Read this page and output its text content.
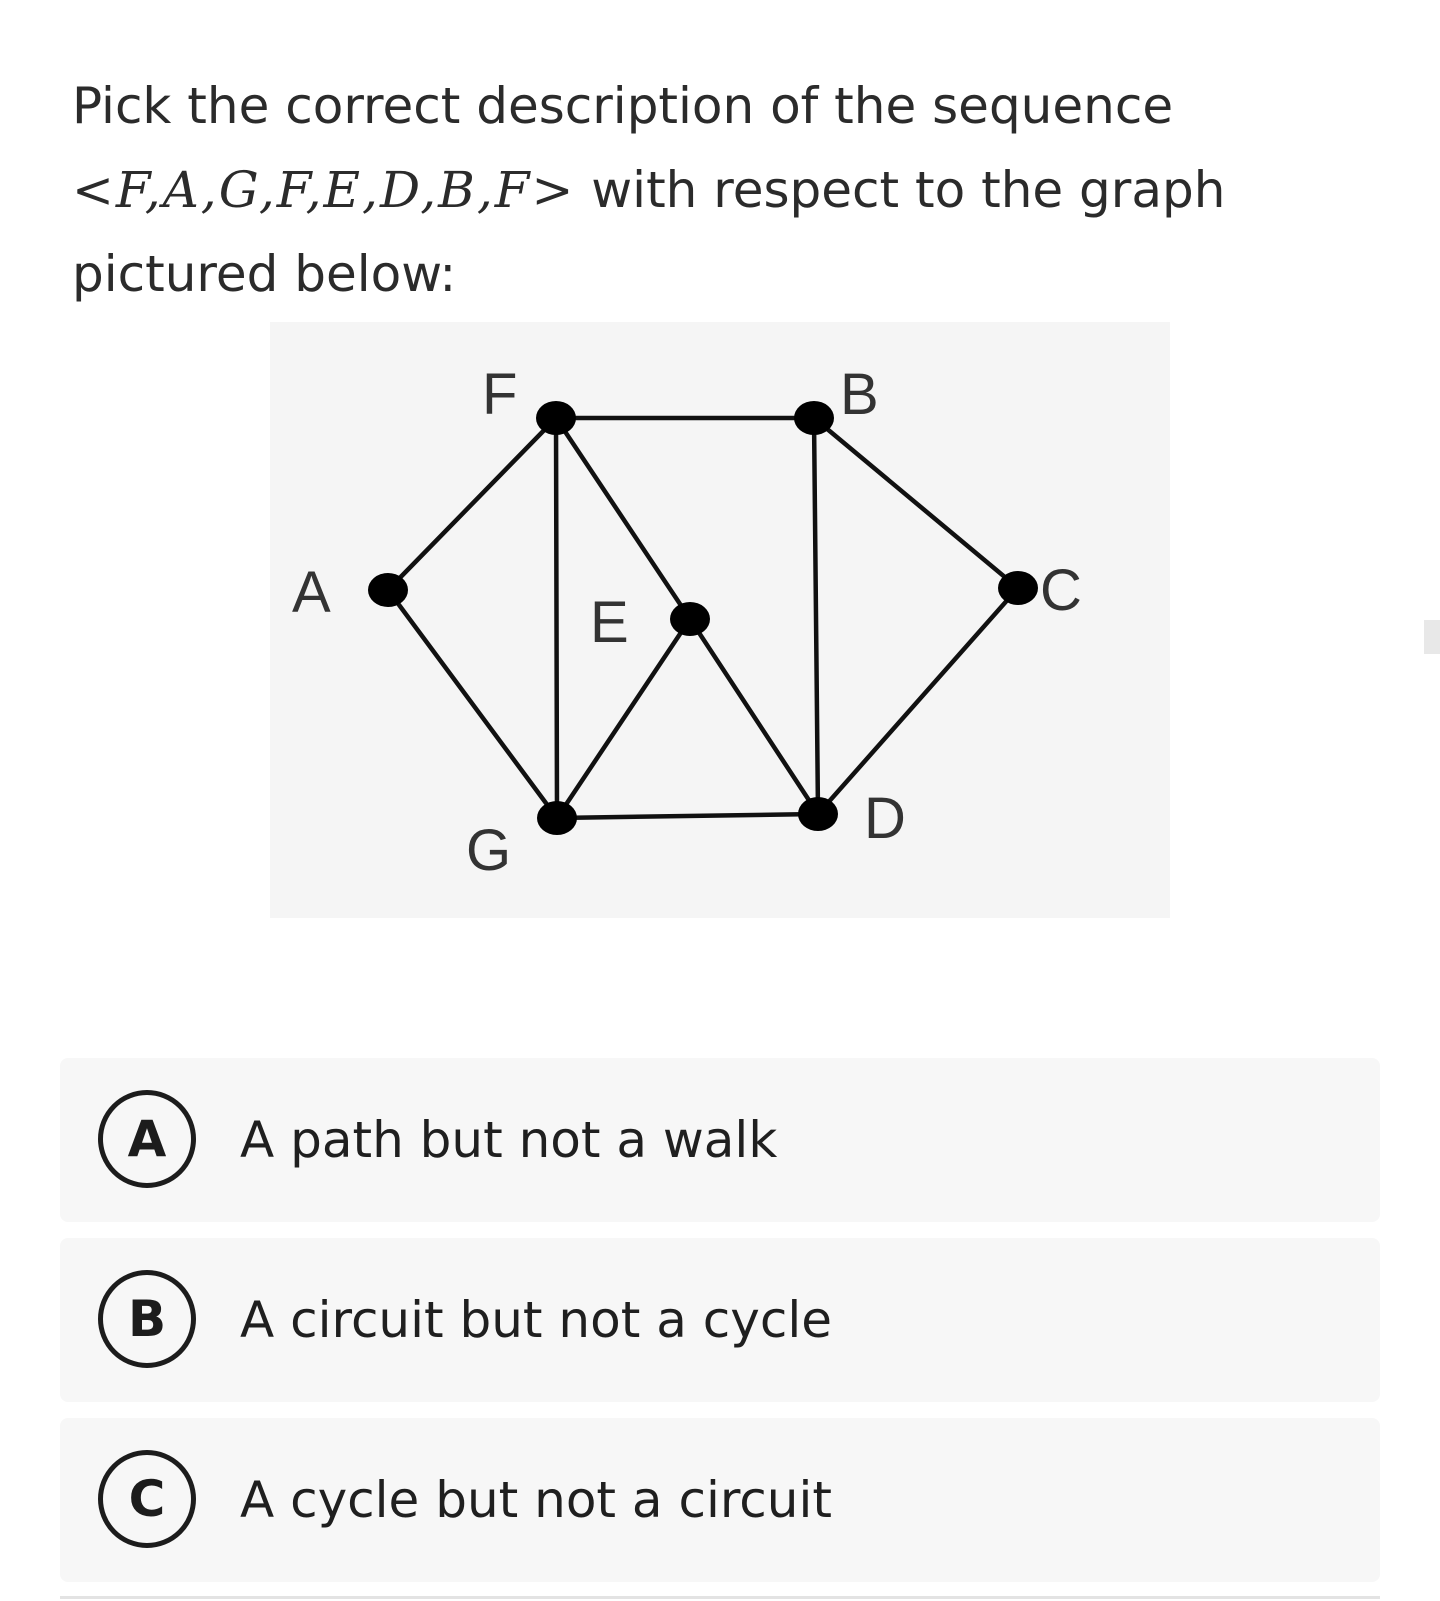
Pick the correct description of the sequence
<F,A,G,F,E,D,B,F> with respect to the graph
pictured below:
F	B
A	E	C
G	D
A	A path but not a walk
B	A circuit but not a cycle
C	A cycle but not a circuit
